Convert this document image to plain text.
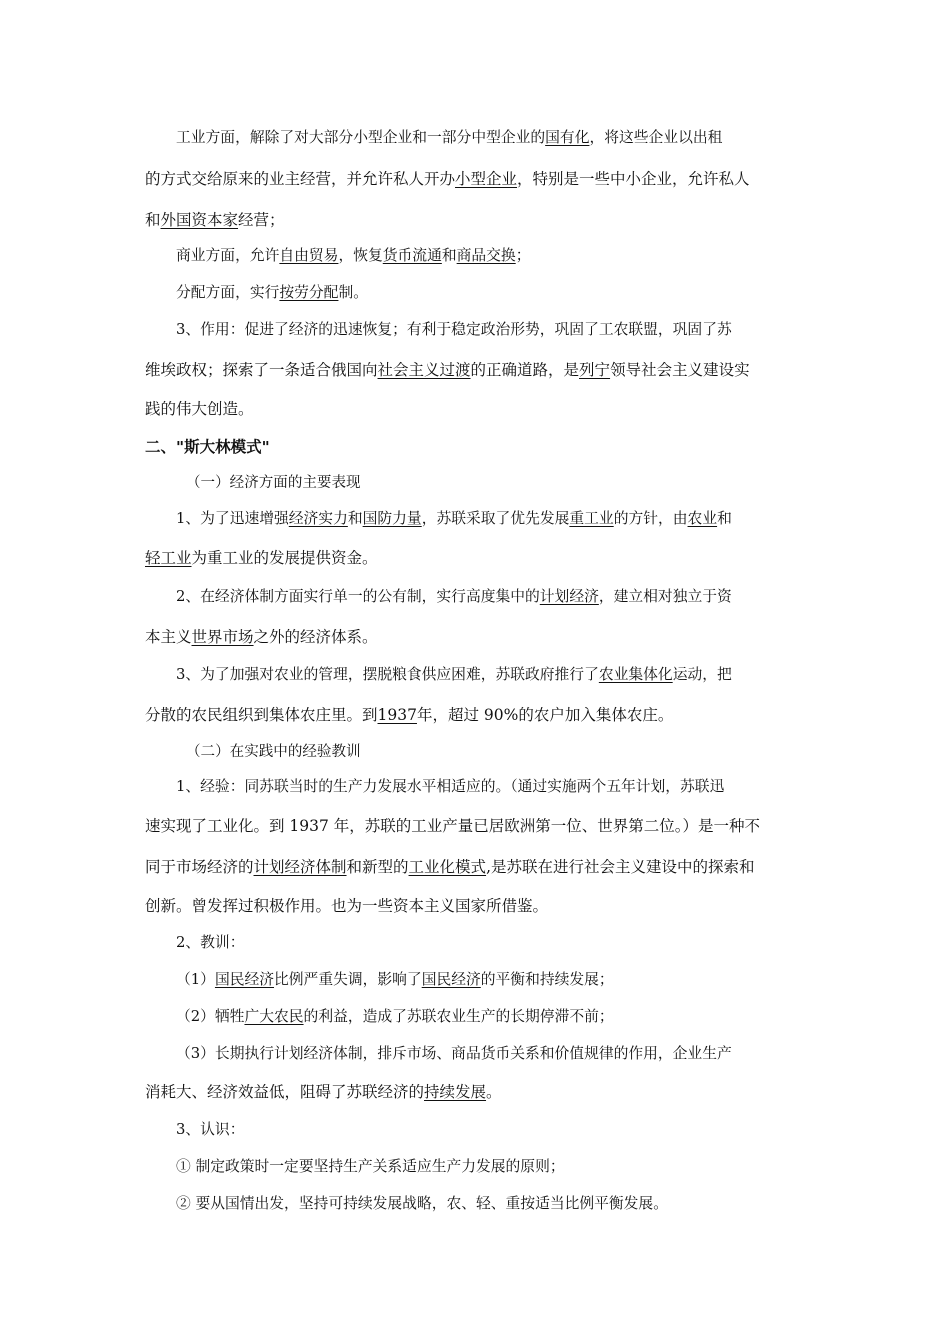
工业方面，解除了对大部分小型企业和一部分中型企业的国有化，将这些企业以出租
的方式交给原来的业主经营，并允许私人开办小型企业，特别是一些中小企业，允许私人
和外国资本家经营；
商业方面，允许自由贸易，恢复货币流通和商品交换；
分配方面，实行按劳分配制。
3、作用：促进了经济的迅速恢复；有利于稳定政治形势，巩固了工农联盟，巩固了苏
维埃政权；探索了一条适合俄国向社会主义过渡的正确道路，是列宁领导社会主义建设实
践的伟大创造。
二、"斯大林模式"
（一）经济方面的主要表现
1、为了迅速增强经济实力和国防力量，苏联采取了优先发展重工业的方针，由农业和
轻工业为重工业的发展提供资金。
2、在经济体制方面实行单一的公有制，实行高度集中的计划经济，建立相对独立于资
本主义世界市场之外的经济体系。
3、为了加强对农业的管理，摆脱粮食供应困难，苏联政府推行了农业集体化运动，把
分散的农民组织到集体农庄里。到1937年，超过 90%的农户加入集体农庄。
（二）在实践中的经验教训
1、经验：同苏联当时的生产力发展水平相适应的。（通过实施两个五年计划，苏联迅
速实现了工业化。到 1937 年，苏联的工业产量已居欧洲第一位、世界第二位。）是一种不
同于市场经济的计划经济体制和新型的工业化模式,是苏联在进行社会主义建设中的探索和
创新。曾发挥过积极作用。也为一些资本主义国家所借鉴。
2、教训：
（1）国民经济比例严重失调，影响了国民经济的平衡和持续发展；
（2）牺牲广大农民的利益，造成了苏联农业生产的长期停滞不前；
（3）长期执行计划经济体制，排斥市场、商品货币关系和价值规律的作用，企业生产
消耗大、经济效益低，阻碍了苏联经济的持续发展。
3、认识：
① 制定政策时一定要坚持生产关系适应生产力发展的原则；
② 要从国情出发，坚持可持续发展战略，农、轻、重按适当比例平衡发展。
